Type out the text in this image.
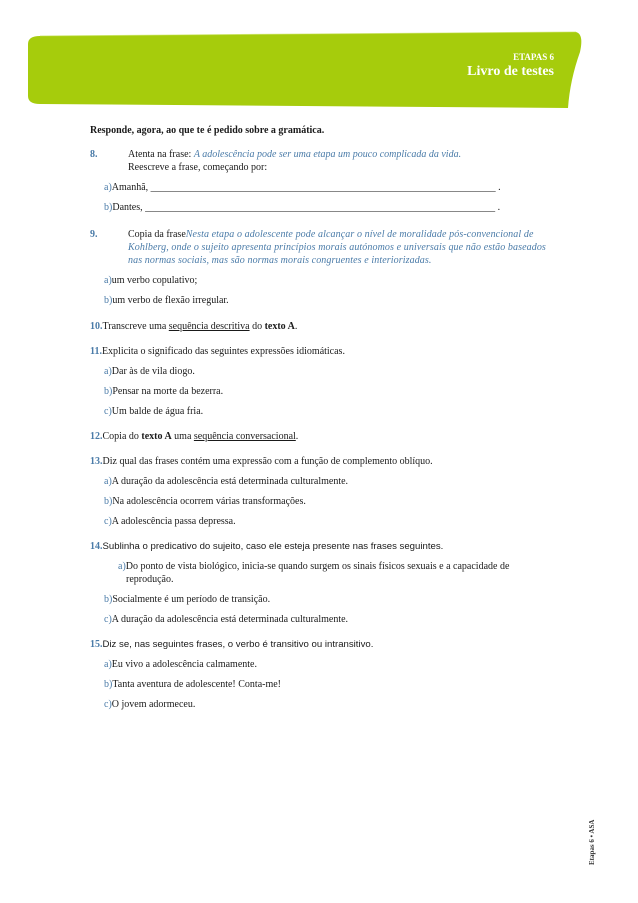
ETAPAS 6
Livro de testes
Responde, agora, ao que te é pedido sobre a gramática.
8.	Atenta na frase: A adolescência pode ser uma etapa um pouco complicada da vida.
Reescreve a frase, começando por:
a)Amanhã, _____________________________________________________________________ .
b)Dantes, ______________________________________________________________________ .
9.	Copia da fraseNesta etapa o adolescente pode alcançar o nível de moralidade pós-convencional de Kohlberg, onde o sujeito apresenta princípios morais autónomos e universais que não estão baseados nas normas sociais, mas são normas morais congruentes e interiorizadas.
a)um verbo copulativo;
b)um verbo de flexão irregular.
10.Transcreve uma sequência descritiva do texto A.
11.Explicita o significado das seguintes expressões idiomáticas.
a)Dar às de vila diogo.
b)Pensar na morte da bezerra.
c)Um balde de água fria.
12.Copia do texto A uma sequência conversacional.
13.Diz qual das frases contém uma expressão com a função de complemento oblíquo.
a)A duração da adolescência está determinada culturalmente.
b)Na adolescência ocorrem várias transformações.
c)A adolescência passa depressa.
14.Sublinha o predicativo do sujeito, caso ele esteja presente nas frases seguintes.
a)Do ponto de vista biológico, inicia-se quando surgem os sinais físicos sexuais e a capacidade de reprodução.
b)Socialmente é um período de transição.
c)A duração da adolescência está determinada culturalmente.
15.Diz se, nas seguintes frases, o verbo é transitivo ou intransitivo.
a)Eu vivo a adolescência calmamente.
b)Tanta aventura de adolescente! Conta-me!
c)O jovem adormeceu.
Etapas 6 • ASA
